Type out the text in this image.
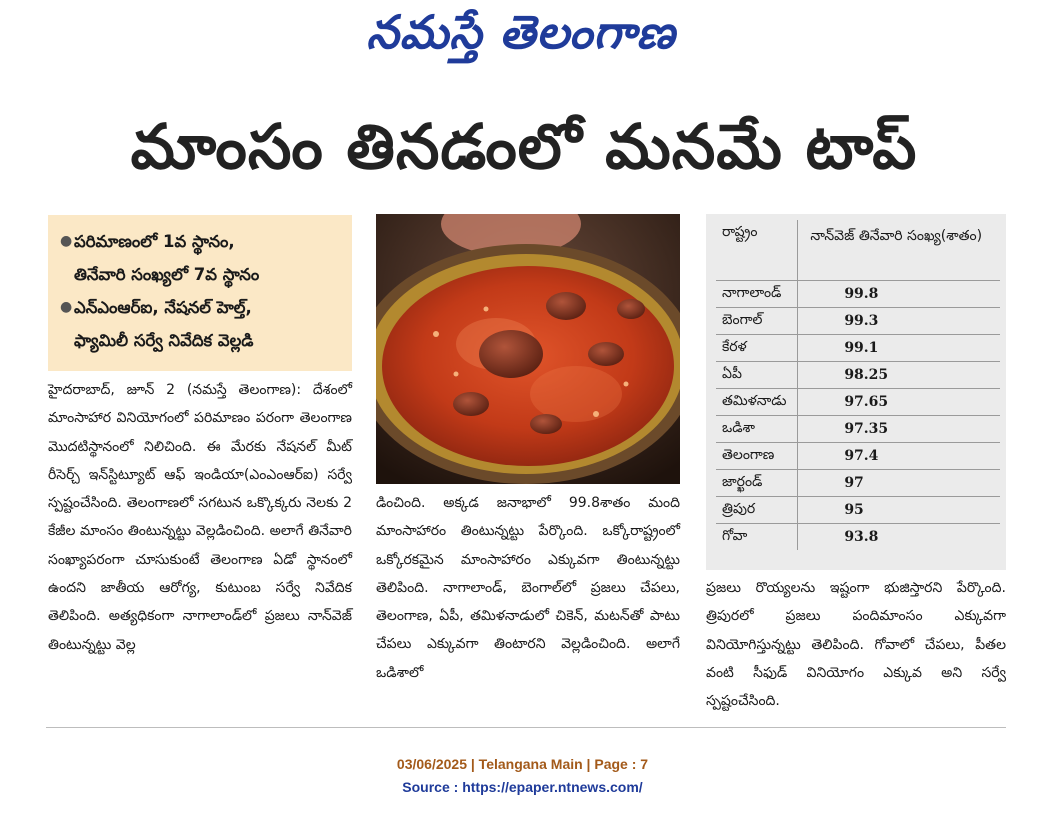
నమస్తే తెలంగాణ
మాంసం తినడంలో మనమే టాప్
● పరిమాణంలో 1వ స్థానం,
తినేవారి సంఖ్యలో 7వ స్థానం
● ఎన్‌ఎంఆర్‌ఐ, నేషనల్ హెల్త్,
ఫ్యామిలీ సర్వే నివేదిక వెల్లడి
రాష్ట్రం	నాన్‌వెజ్ తినేవారి సంఖ్య(శాతం)
నాగాలాండ్	99.8
బెంగాల్	99.3
కేరళ	99.1
ఏపీ	98.25
తమిళనాడు	97.65
ఒడిశా	97.35
తెలంగాణ	97.4
జార్ఖండ్	97
త్రిపుర	95
గోవా	93.8

హైదరాబాద్, జూన్ 2 (నమస్తే తెలంగాణ): దేశంలో మాంసాహార వినియోగంలో పరిమాణం పరంగా తెలంగాణ మొదటిస్థానంలో నిలిచింది. ఈ మేరకు నేషనల్ మీట్ రీసెర్చ్ ఇన్‌స్టిట్యూట్ ఆఫ్ ఇండియా(ఎంఎంఆర్‌ఐ) సర్వే స్పష్టంచేసింది. తెలంగాణలో సగటున ఒక్కొక్కరు నెలకు 2 కేజీల మాంసం తింటున్నట్టు వెల్లడించింది. అలాగే తినేవారి సంఖ్యాపరంగా చూసుకుంటే తెలంగాణ ఏడో స్థానంలో ఉందని జాతీయ ఆరోగ్య, కుటుంబ సర్వే నివేదిక తెలిపింది. అత్యధికంగా నాగాలాండ్‌లో ప్రజలు నాన్‌వెజ్ తింటున్నట్టు వెల్ల

డించింది. అక్కడ జనాభాలో 99.8శాతం మంది మాంసాహారం తింటున్నట్టు పేర్కొంది. ఒక్కోరాష్ట్రంలో ఒక్కోరకమైన మాంసాహారం ఎక్కువగా తింటున్నట్టు తెలిపింది. నాగాలాండ్, బెంగాల్‌లో ప్రజలు చేపలు, తెలంగాణ, ఏపీ, తమిళనాడులో చికెన్, మటన్‌తో పాటు చేపలు ఎక్కువగా తింటారని వెల్లడించింది. అలాగే ఒడిశాలో

ప్రజలు రొయ్యలను ఇష్టంగా భుజిస్తారని పేర్కొంది. త్రిపురలో ప్రజలు పందిమాంసం ఎక్కువగా వినియోగిస్తున్నట్టు తెలిపింది. గోవాలో చేపలు, పీతల వంటి సీఫుడ్ వినియోగం ఎక్కువ అని సర్వే స్పష్టంచేసింది.

03/06/2025 | Telangana Main | Page : 7
Source : https://epaper.ntnews.com/
